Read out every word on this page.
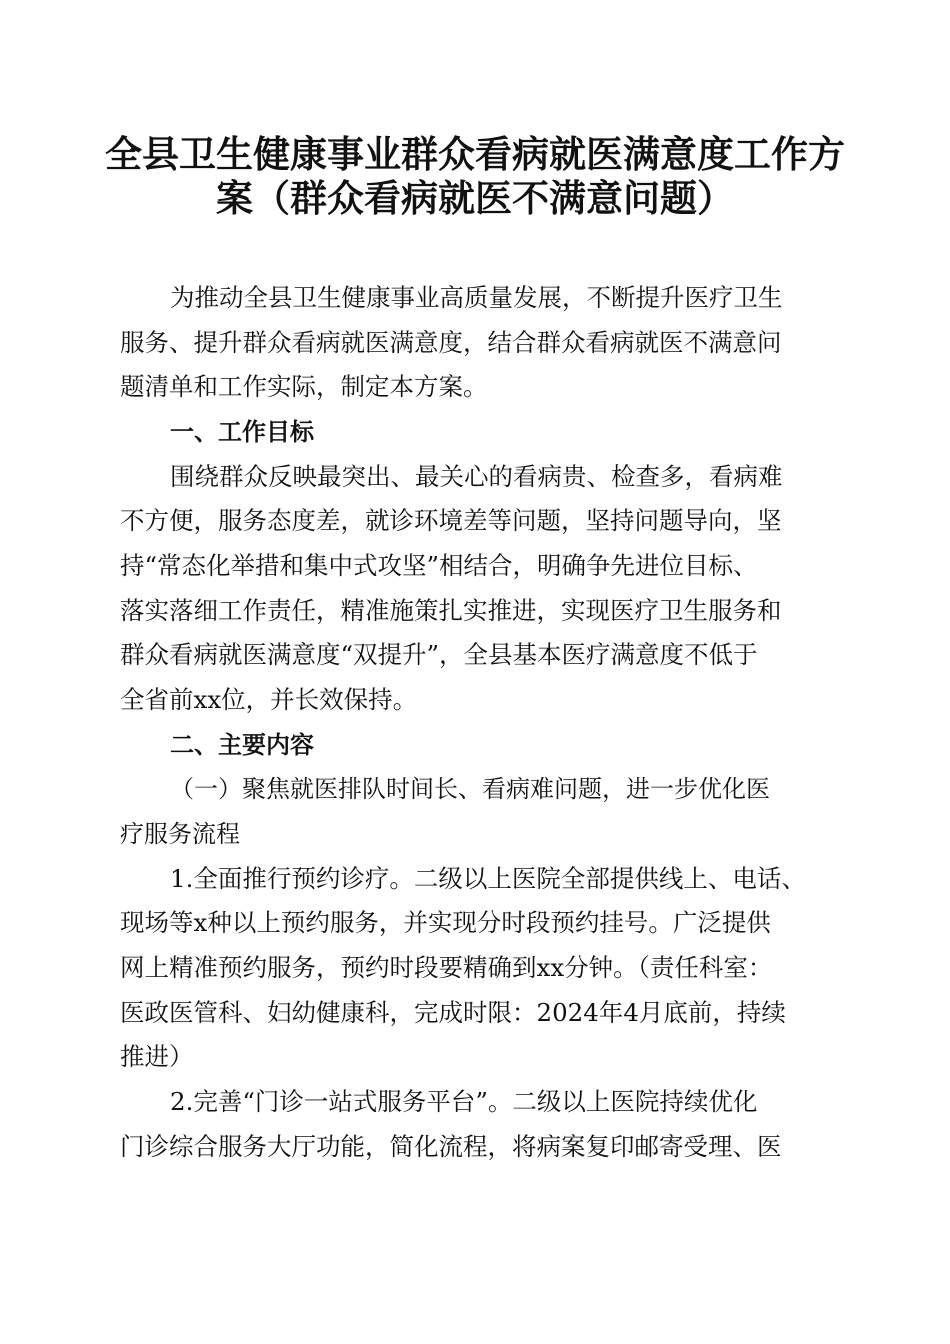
全县卫生健康事业群众看病就医满意度工作方
案（群众看病就医不满意问题）
为推动全县卫生健康事业高质量发展，不断提升医疗卫生
服务、提升群众看病就医满意度，结合群众看病就医不满意问
题清单和工作实际，制定本方案。
一、工作目标
围绕群众反映最突出、最关心的看病贵、检查多，看病难
不方便，服务态度差，就诊环境差等问题，坚持问题导向，坚
持“常态化举措和集中式攻坚”相结合，明确争先进位目标、
落实落细工作责任，精准施策扎实推进，实现医疗卫生服务和
群众看病就医满意度“双提升”，全县基本医疗满意度不低于
全省前xx位，并长效保持。
二、主要内容
（一）聚焦就医排队时间长、看病难问题，进一步优化医
疗服务流程
1.全面推行预约诊疗。二级以上医院全部提供线上、电话、
现场等x种以上预约服务，并实现分时段预约挂号。广泛提供
网上精准预约服务，预约时段要精确到xx分钟。（责任科室：
医政医管科、妇幼健康科，完成时限：2024年4月底前，持续
推进）
2.完善“门诊一站式服务平台”。二级以上医院持续优化
门诊综合服务大厅功能，简化流程，将病案复印邮寄受理、医
